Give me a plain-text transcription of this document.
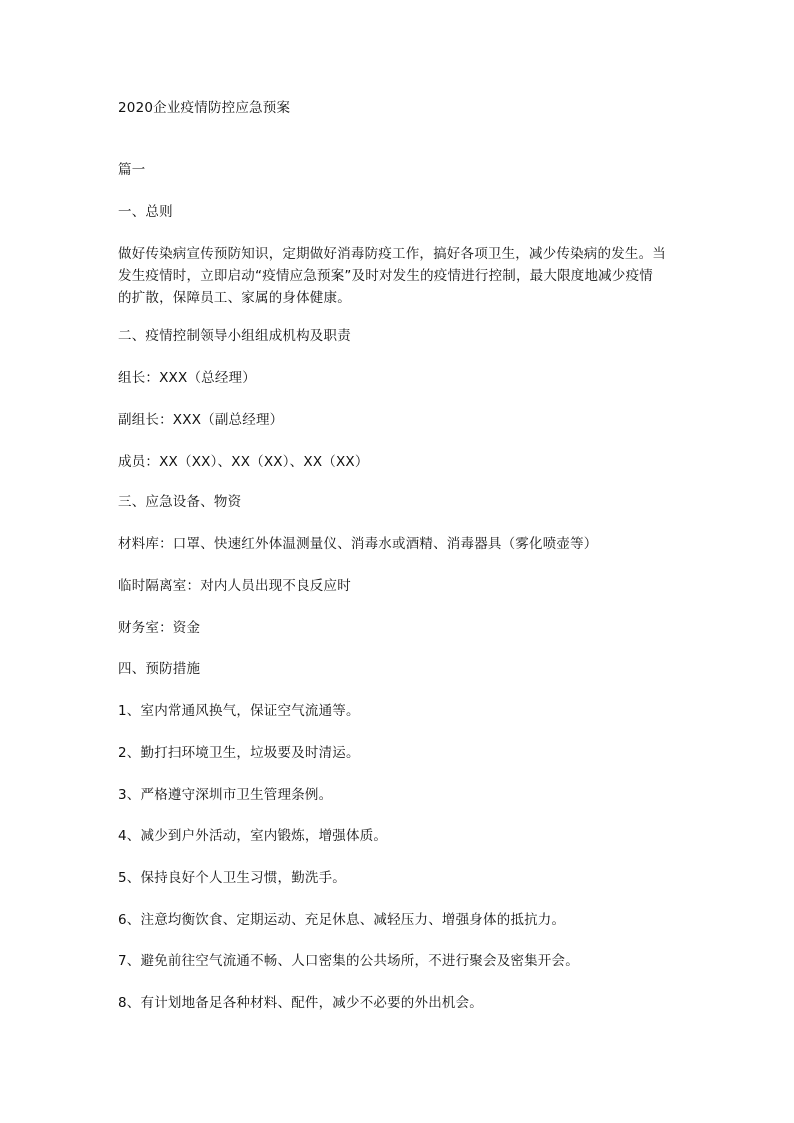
2020企业疫情防控应急预案
篇一
一、总则
做好传染病宣传预防知识，定期做好消毒防疫工作，搞好各项卫生，减少传染病的发生。当
发生疫情时，立即启动“疫情应急预案”及时对发生的疫情进行控制，最大限度地减少疫情
的扩散，保障员工、家属的身体健康。
二、疫情控制领导小组组成机构及职责
组长：XXX（总经理）
副组长：XXX（副总经理）
成员：XX（XX）、XX（XX）、XX（XX）
三、应急设备、物资
材料库：口罩、快速红外体温测量仪、消毒水或酒精、消毒器具（雾化喷壶等）
临时隔离室：对内人员出现不良反应时
财务室：资金
四、预防措施
1、室内常通风换气，保证空气流通等。
2、勤打扫环境卫生，垃圾要及时清运。
3、严格遵守深圳市卫生管理条例。
4、减少到户外活动，室内锻炼，增强体质。
5、保持良好个人卫生习惯，勤洗手。
6、注意均衡饮食、定期运动、充足休息、减轻压力、增强身体的抵抗力。
7、避免前往空气流通不畅、人口密集的公共场所，不进行聚会及密集开会。
8、有计划地备足各种材料、配件，减少不必要的外出机会。
